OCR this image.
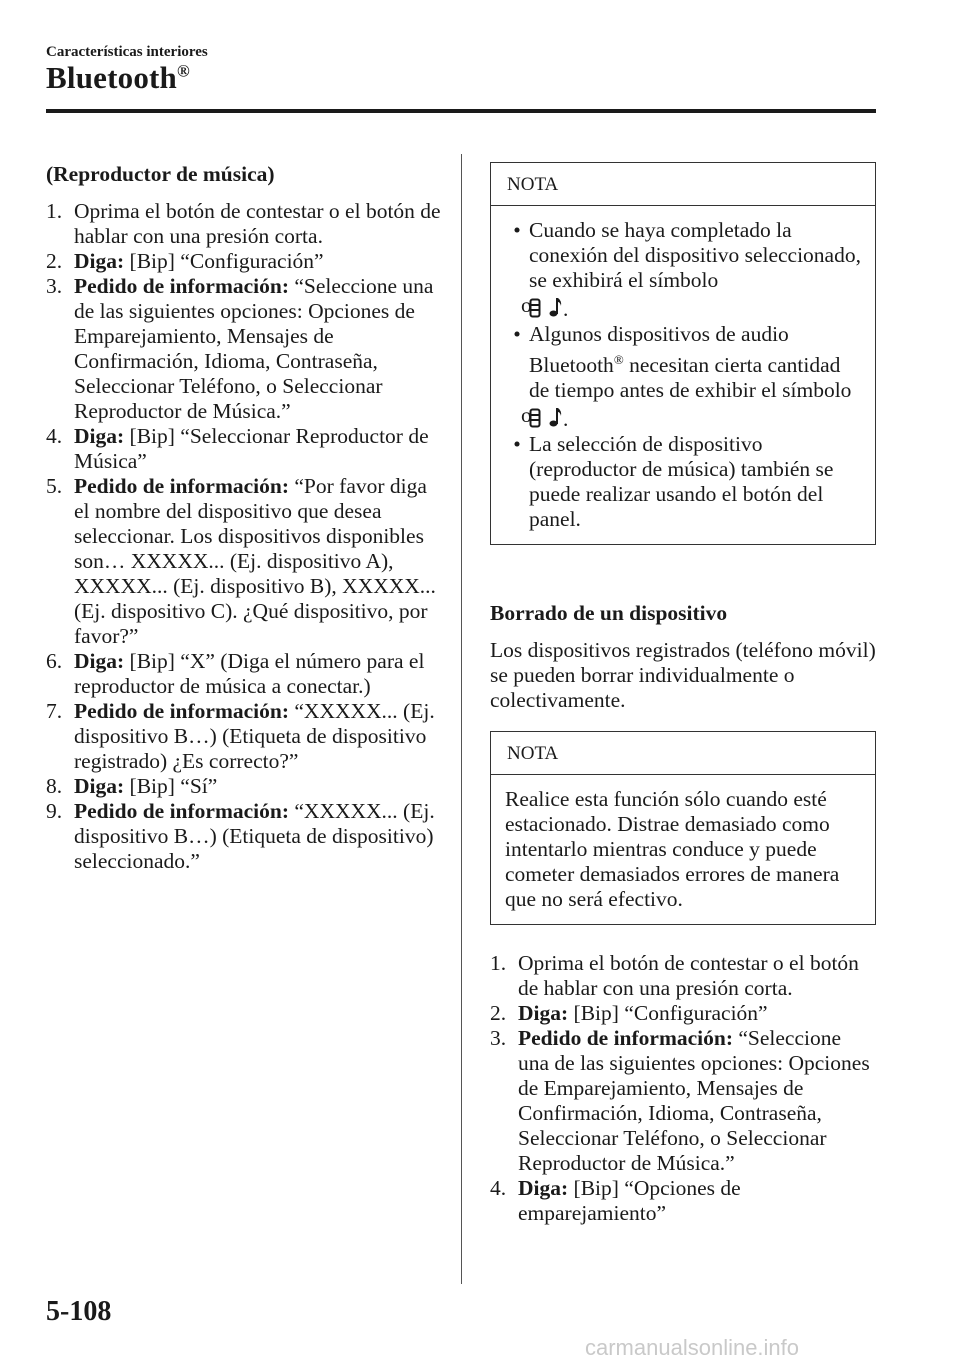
Características interiores
Bluetooth®
(Reproductor de música)
1. Oprima el botón de contestar o el botón de hablar con una presión corta.
2. Diga: [Bip] “Configuración”
3. Pedido de información: “Seleccione una de las siguientes opciones: Opciones de Emparejamiento, Mensajes de Confirmación, Idioma, Contraseña, Seleccionar Teléfono, o Seleccionar Reproductor de Música.”
4. Diga: [Bip] “Seleccionar Reproductor de Música”
5. Pedido de información: “Por favor diga el nombre del dispositivo que desea seleccionar. Los dispositivos disponibles son… XXXXX... (Ej. dispositivo A), XXXXX... (Ej. dispositivo B), XXXXX... (Ej. dispositivo C). ¿Qué dispositivo, por favor?”
6. Diga: [Bip] “X” (Diga el número para el reproductor de música a conectar.)
7. Pedido de información: “XXXXX... (Ej. dispositivo B…) (Etiqueta de dispositivo registrado) ¿Es correcto?”
8. Diga: [Bip] “Sí”
9. Pedido de información: “XXXXX... (Ej. dispositivo B…) (Etiqueta de dispositivo) seleccionado.”
NOTA
• Cuando se haya completado la conexión del dispositivo seleccionado, se exhibirá el símbolo

o	.
• Algunos dispositivos de audio Bluetooth® necesitan cierta cantidad de tiempo antes de exhibir el símbolo

o	.
• La selección de dispositivo (reproductor de música) también se puede realizar usando el botón del panel.
Borrado de un dispositivo

Los dispositivos registrados (teléfono móvil) se pueden borrar individualmente o colectivamente.

NOTA

Realice esta función sólo cuando esté estacionado. Distrae demasiado como intentarlo mientras conduce y puede cometer demasiados errores de manera que no será efectivo.

1. Oprima el botón de contestar o el botón de hablar con una presión corta.
2. Diga: [Bip] “Configuración”
3. Pedido de información: “Seleccione una de las siguientes opciones: Opciones de Emparejamiento, Mensajes de Confirmación, Idioma, Contraseña, Seleccionar Teléfono, o Seleccionar Reproductor de Música.”
4. Diga: [Bip] “Opciones de emparejamiento”
5-108
carmanualsonline.info
